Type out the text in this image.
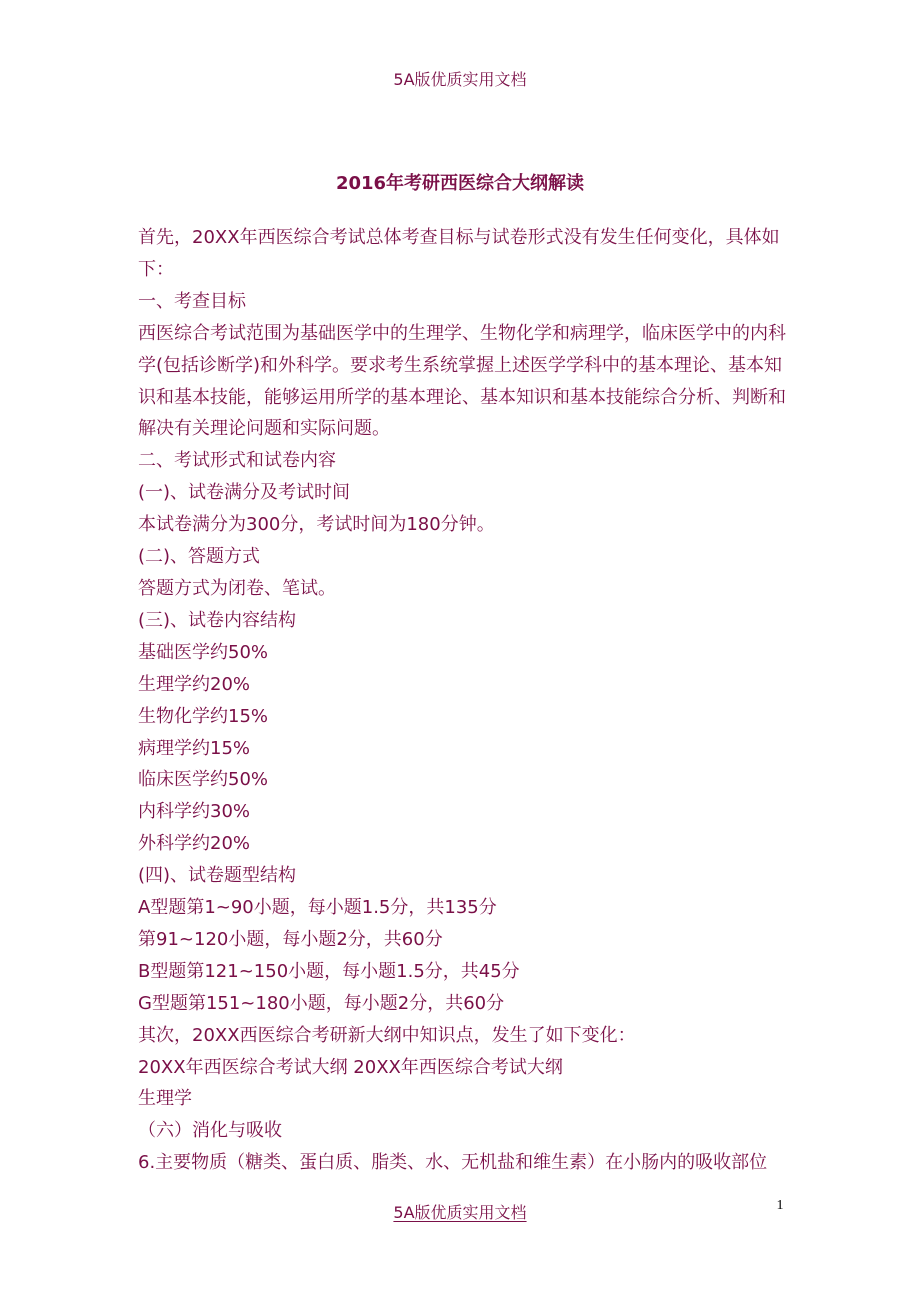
5A版优质实用文档
2016年考研西医综合大纲解读

首先，20XX年西医综合考试总体考查目标与试卷形式没有发生任何变化，具体如下：

一、考查目标

西医综合考试范围为基础医学中的生理学、生物化学和病理学，临床医学中的内科学(包括诊断学)和外科学。要求考生系统掌握上述医学学科中的基本理论、基本知识和基本技能，能够运用所学的基本理论、基本知识和基本技能综合分析、判断和解决有关理论问题和实际问题。

二、考试形式和试卷内容

(一)、试卷满分及考试时间

本试卷满分为300分，考试时间为180分钟。

(二)、答题方式

答题方式为闭卷、笔试。

(三)、试卷内容结构

基础医学约50%

生理学约20%

生物化学约15%

病理学约15%

临床医学约50%

内科学约30%

外科学约20%

(四)、试卷题型结构

A型题第1~90小题，每小题1.5分，共135分

第91~120小题，每小题2分，共60分

B型题第121~150小题，每小题1.5分，共45分

G型题第151~180小题，每小题2分，共60分

其次，20XX西医综合考研新大纲中知识点，发生了如下变化：

20XX年西医综合考试大纲 20XX年西医综合考试大纲

生理学

（六）消化与吸收

6.主要物质（糖类、蛋白质、脂类、水、无机盐和维生素）在小肠内的吸收部位

1
5A版优质实用文档
